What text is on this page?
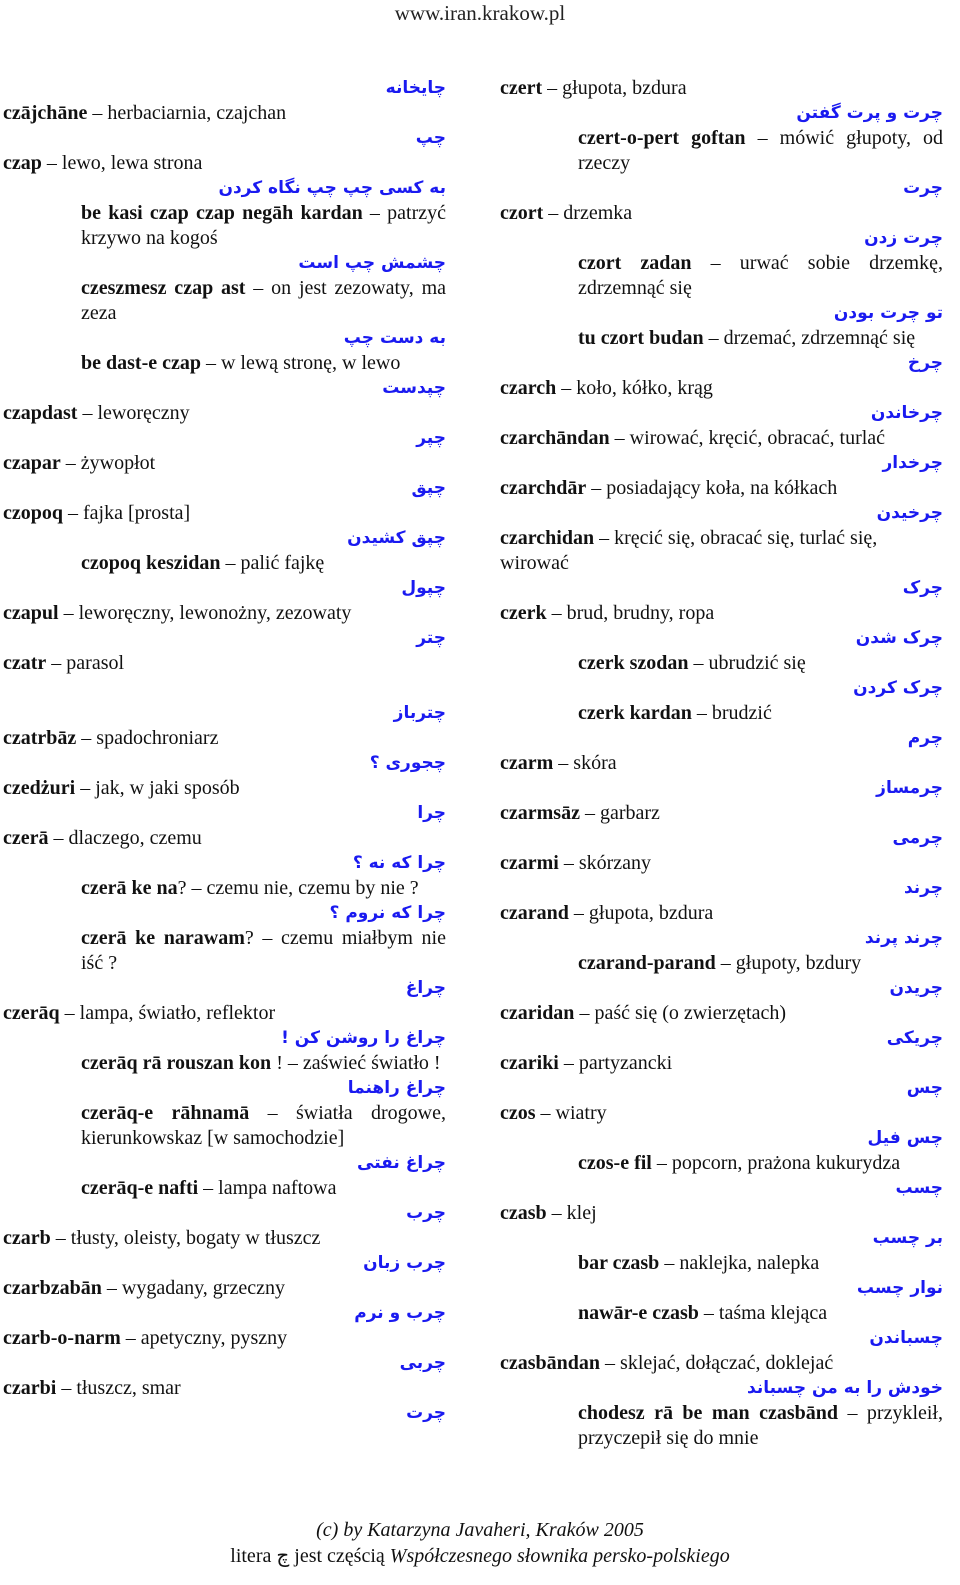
www.iran.krakow.pl
چایخانه
czājchāne – herbaciarnia, czajchan
چپ
czap – lewo, lewa strona
به کسی چپ چپ نگاه کردن
be kasi czap czap negāh kardan – patrzyć krzywo na kogoś
چشمش چپ است
czeszmesz czap ast – on jest zezowaty, ma zeza
به دست چپ
be dast-e czap – w lewą stronę, w lewo
چپدست
czapdast – leworęczny
چپر
czapar – żywopłot
چپق
czopoq – fajka [prosta]
چپق کشیدن
czopoq keszidan – palić fajkę
چپول
czapul – leworęczny, lewonożny, zezowaty
چتر
czatr – parasol
چترباز
czatrbāz – spadochroniarz
چجوری ؟
czedżuri – jak, w jaki sposób
چرا
czerā – dlaczego, czemu
چرا که نه ؟
czerā ke na? – czemu nie, czemu by nie ?
چرا که نروم ؟
czerā ke narawam? – czemu miałbym nie iść ?
چراغ
czerāq – lampa, światło, reflektor
چراغ را روشن کن !
czerāq rā rouszan kon ! – zaświeć światło !
چراغ راهنما
czerāq-e rāhnamā – światła drogowe, kierunkowskaz [w samochodzie]
چراغ نفتی
czerāq-e nafti – lampa naftowa
چرب
czarb – tłusty, oleisty, bogaty w tłuszcz
چرب زبان
czarbzabān – wygadany, grzeczny
چرب و نرم
czarb-o-narm – apetyczny, pyszny
چربی
czarbi – tłuszcz, smar
چرت
czert – głupota, bzdura
چرت و پرت گفتن
czert-o-pert goftan – mówić głupoty, od rzeczy
چرت
czort – drzemka
چرت زدن
czort zadan – urwać sobie drzemkę, zdrzemnąć się
تو چرت بودن
tu czort budan – drzemać, zdrzemnąć się
چرخ
czarch – koło, kółko, krąg
چرخاندن
czarchāndan – wirować, kręcić, obracać, turlać
چرخدار
czarchdār – posiadający koła, na kółkach
چرخیدن
czarchidan – kręcić się, obracać się, turlać się, wirować
چرک
czerk – brud, brudny, ropa
چرک شدن
czerk szodan – ubrudzić się
چرک کردن
czerk kardan – brudzić
چرم
czarm – skóra
چرمساز
czarmsāz – garbarz
چرمی
czarmi – skórzany
چرند
czarand – głupota, bzdura
چرند پرند
czarand-parand – głupoty, bzdury
چریدن
czaridan – paść się (o zwierzętach)
چریکی
czariki – partyzancki
چس
czos – wiatry
چس فیل
czos-e fil – popcorn, prażona kukurydza
چسب
czasb – klej
بر چسب
bar czasb – naklejka, nalepka
نوار چسب
nawār-e czasb – taśma klejąca
چسباندن
czasbāndan – sklejać, dołączać, doklejać
خودش را به من چسباند
chodesz rā be man czasbānd – przykleił, przyczepił się do mnie
(c) by Katarzyna Javaheri, Kraków 2005
litera چ jest częścią Współczesnego słownika persko-polskiego
